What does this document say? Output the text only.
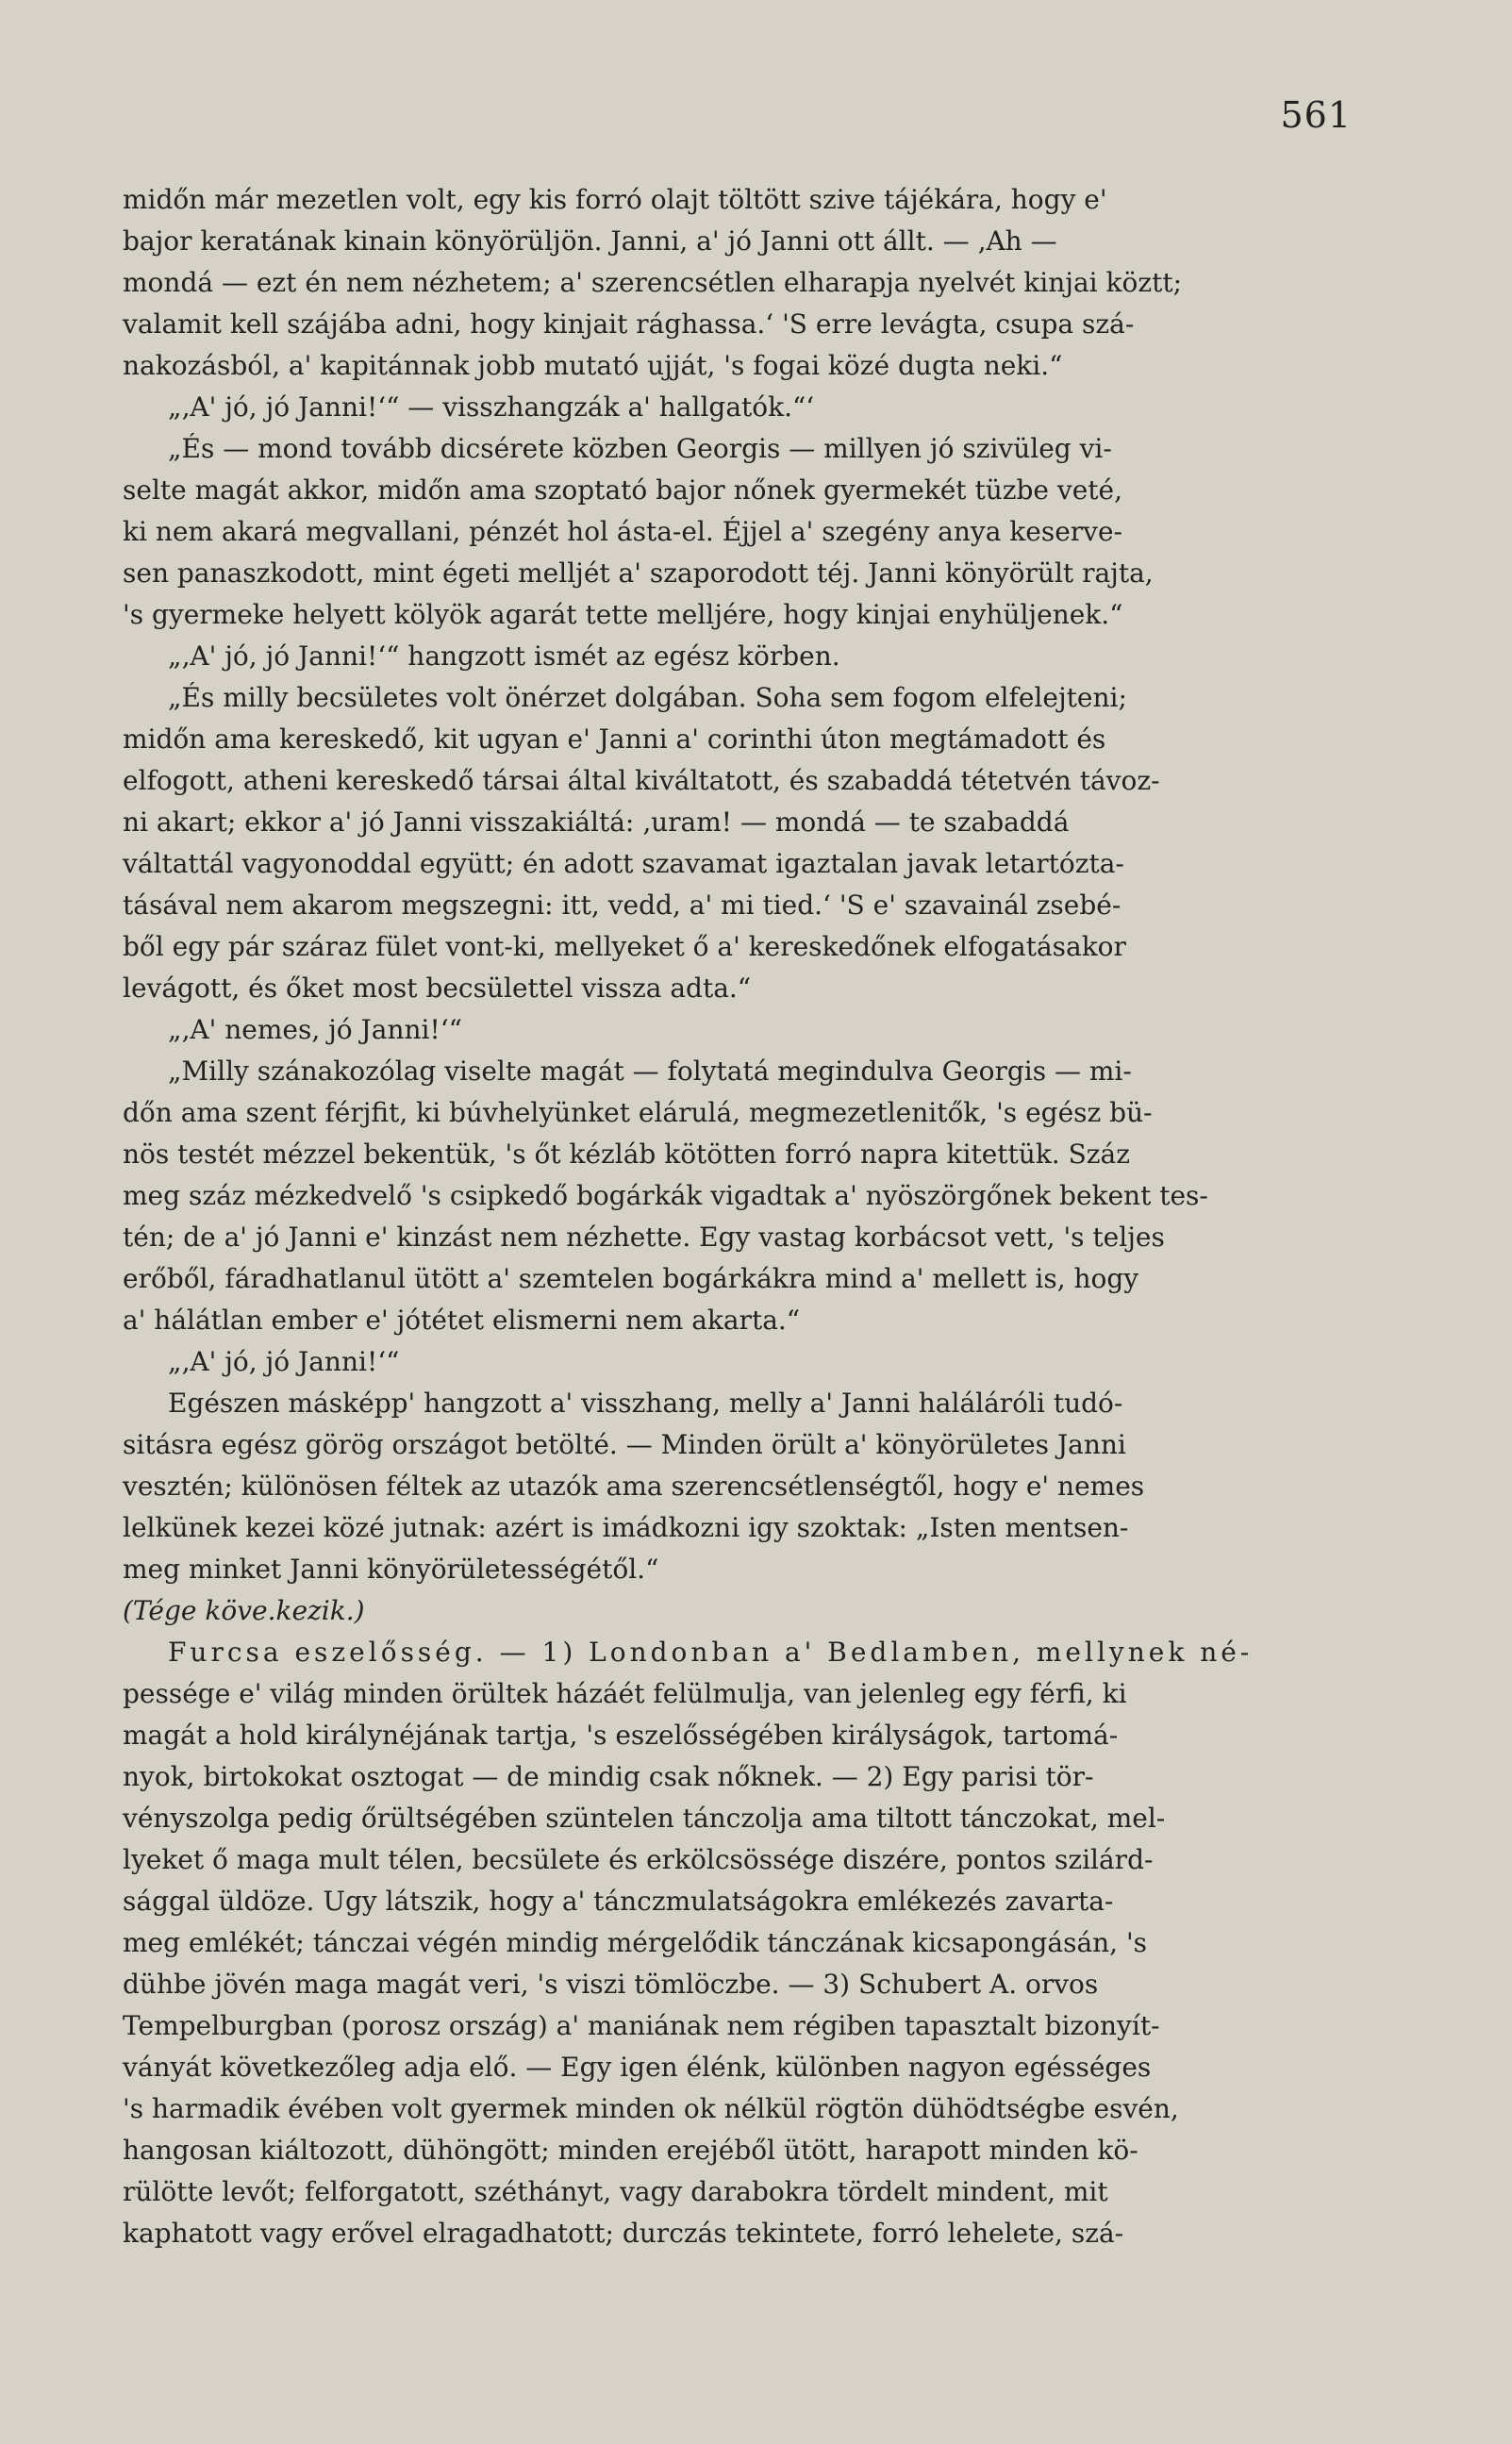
561
midőn már mezetlen volt, egy kis forró olajt töltött szive tájékára, hogy e'
bajor keratának kinain könyörüljön. Janni, a' jó Janni ott állt. — ‚Ah —
mondá — ezt én nem nézhetem; a' szerencsétlen elharapja nyelvét kinjai köztt;
valamit kell szájába adni, hogy kinjait rághassa.‘ 'S erre levágta, csupa szá-
nakozásból, a' kapitánnak jobb mutató ujját, 's fogai közé dugta neki.“
„‚A' jó, jó Janni!‘“ — visszhangzák a' hallgatók.“‘
„És — mond tovább dicsérete közben Georgis — millyen jó szivüleg vi-
selte magát akkor, midőn ama szoptató bajor nőnek gyermekét tüzbe veté,
ki nem akará megvallani, pénzét hol ásta-el. Éjjel a' szegény anya keserve-
sen panaszkodott, mint égeti melljét a' szaporodott téj. Janni könyörült rajta,
's gyermeke helyett kölyök agarát tette melljére, hogy kinjai enyhüljenek.“
„‚A' jó, jó Janni!‘“ hangzott ismét az egész körben.
„És milly becsületes volt önérzet dolgában. Soha sem fogom elfelejteni;
midőn ama kereskedő, kit ugyan e' Janni a' corinthi úton megtámadott és
elfogott, atheni kereskedő társai által kiváltatott, és szabaddá tétetvén távoz-
ni akart; ekkor a' jó Janni visszakiáltá: ‚uram! — mondá — te szabaddá
váltattál vagyonoddal együtt; én adott szavamat igaztalan javak letartózta-
tásával nem akarom megszegni: itt, vedd, a' mi tied.‘ 'S e' szavainál zsebé-
ből egy pár száraz fület vont-ki, mellyeket ő a' kereskedőnek elfogatásakor
levágott, és őket most becsülettel vissza adta.“
„‚A' nemes, jó Janni!‘“
„Milly szánakozólag viselte magát — folytatá megindulva Georgis — mi-
dőn ama szent férjfit, ki búvhelyünket elárulá, megmezetlenitők, 's egész bü-
nös testét mézzel bekentük, 's őt kézláb kötötten forró napra kitettük. Száz
meg száz mézkedvelő 's csipkedő bogárkák vigadtak a' nyöszörgőnek bekent tes-
tén; de a' jó Janni e' kinzást nem nézhette. Egy vastag korbácsot vett, 's teljes
erőből, fáradhatlanul ütött a' szemtelen bogárkákra mind a' mellett is, hogy
a' hálátlan ember e' jótétet elismerni nem akarta.“
„‚A' jó, jó Janni!‘“
Egészen másképp' hangzott a' visszhang, melly a' Janni haláláróli tudó-
sitásra egész görög országot betölté. — Minden örült a' könyörületes Janni
vesztén; különösen féltek az utazók ama szerencsétlenségtől, hogy e' nemes
lelkünek kezei közé jutnak: azért is imádkozni igy szoktak: „Isten mentsen-
meg minket Janni könyörületességétől.“
(Tége köve.kezik.)
Furcsa eszelősség. — 1) Londonban a' Bedlamben, mellynek né-
pessége e' világ minden örültek házáét felülmulja, van jelenleg egy férfi, ki
magát a hold királynéjának tartja, 's eszelősségében királyságok, tartomá-
nyok, birtokokat osztogat — de mindig csak nőknek. — 2) Egy parisi tör-
vényszolga pedig őrültségében szüntelen tánczolja ama tiltott tánczokat, mel-
lyeket ő maga mult télen, becsülete és erkölcsössége diszére, pontos szilárd-
sággal üldöze. Ugy látszik, hogy a' tánczmulatságokra emlékezés zavarta-
meg emlékét; tánczai végén mindig mérgelődik tánczának kicsapongásán, 's
dühbe jövén maga magát veri, 's viszi tömlöczbe. — 3) Schubert A. orvos
Tempelburgban (porosz ország) a' maniának nem régiben tapasztalt bizonyít-
ványát következőleg adja elő. — Egy igen élénk, különben nagyon egésséges
's harmadik évében volt gyermek minden ok nélkül rögtön dühödtségbe esvén,
hangosan kiáltozott, dühöngött; minden erejéből ütött, harapott minden kö-
rülötte levőt; felforgatott, széthányt, vagy darabokra tördelt mindent, mit
kaphatott vagy erővel elragadhatott; durczás tekintete, forró lehelete, szá-
